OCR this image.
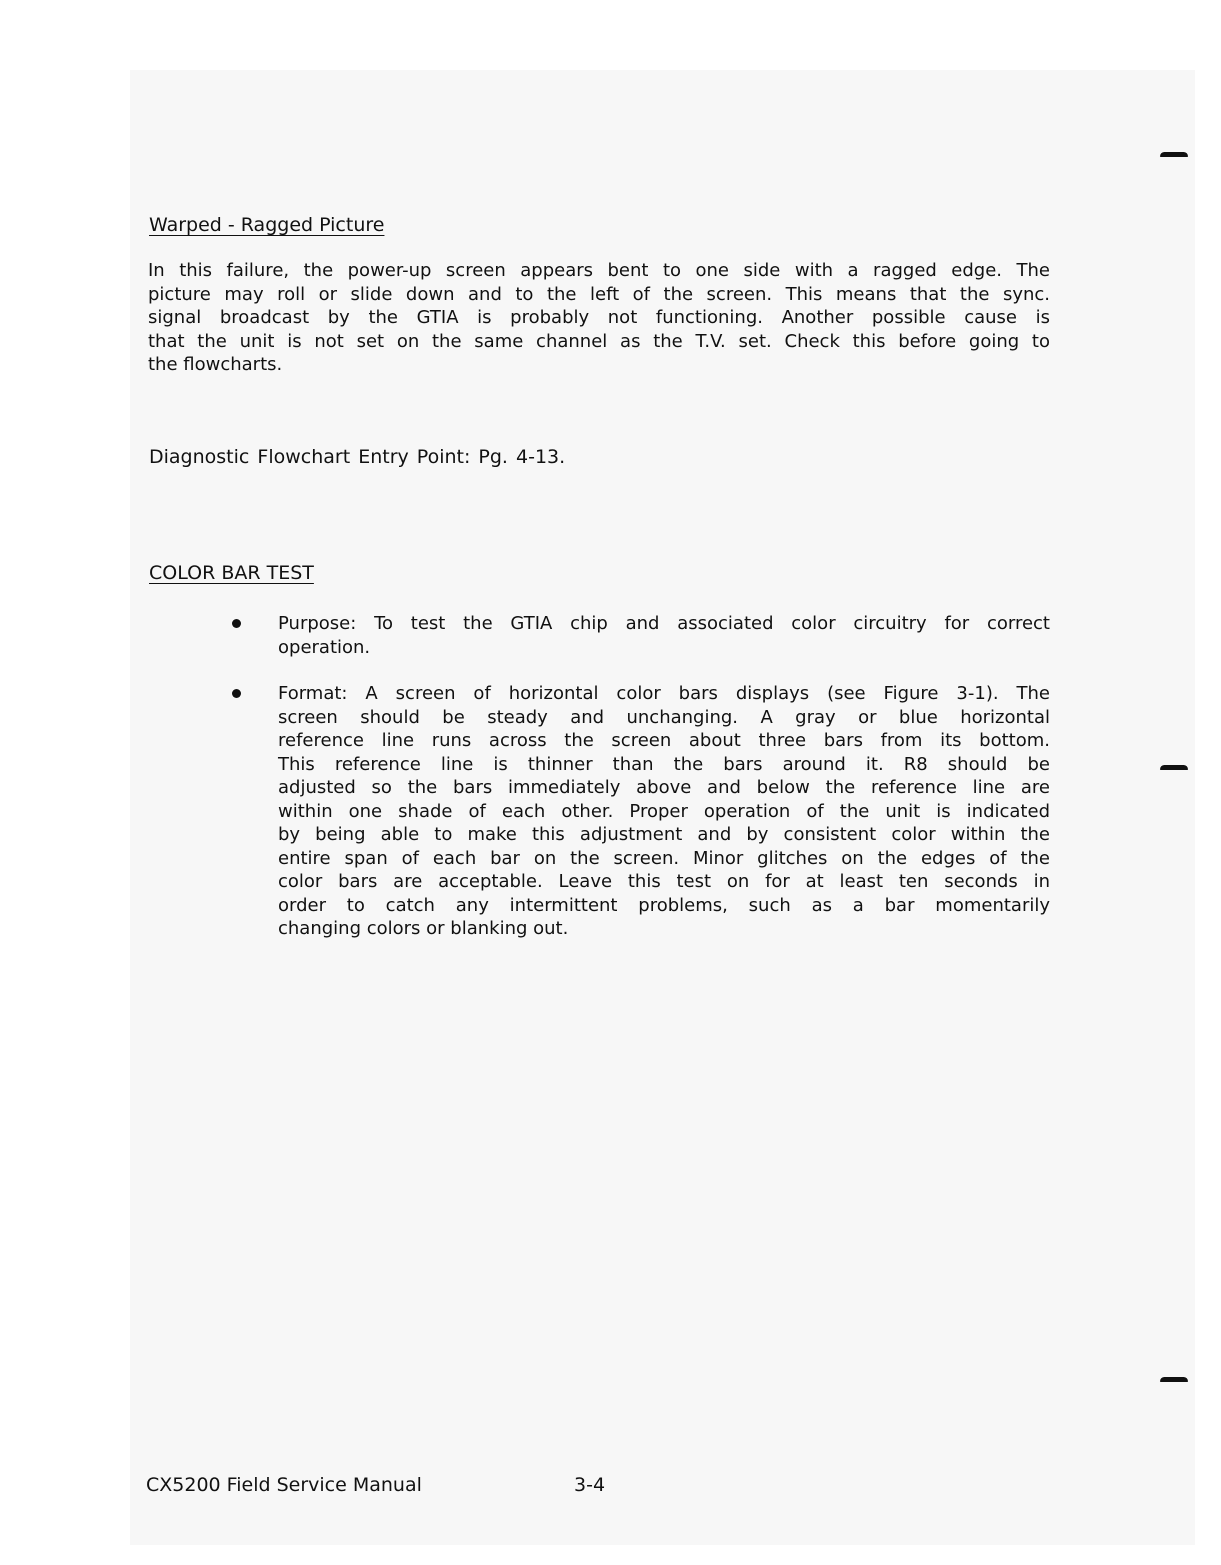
Warped - Ragged Picture
In this failure, the power-up screen appears bent to one side with a ragged edge. The
picture may roll or slide down and to the left of the screen. This means that the sync.
signal broadcast by the GTIA is probably not functioning. Another possible cause is
that the unit is not set on the same channel as the T.V. set. Check this before going to
the flowcharts.
Diagnostic Flowchart Entry Point: Pg. 4-13.
COLOR BAR TEST
Purpose: To test the GTIA chip and associated color circuitry for correct
operation.
Format: A screen of horizontal color bars displays (see Figure 3-1). The
screen should be steady and unchanging. A gray or blue horizontal
reference line runs across the screen about three bars from its bottom.
This reference line is thinner than the bars around it. R8 should be
adjusted so the bars immediately above and below the reference line are
within one shade of each other. Proper operation of the unit is indicated
by being able to make this adjustment and by consistent color within the
entire span of each bar on the screen. Minor glitches on the edges of the
color bars are acceptable. Leave this test on for at least ten seconds in
order to catch any intermittent problems, such as a bar momentarily
changing colors or blanking out.
CX5200 Field Service Manual	3-4
